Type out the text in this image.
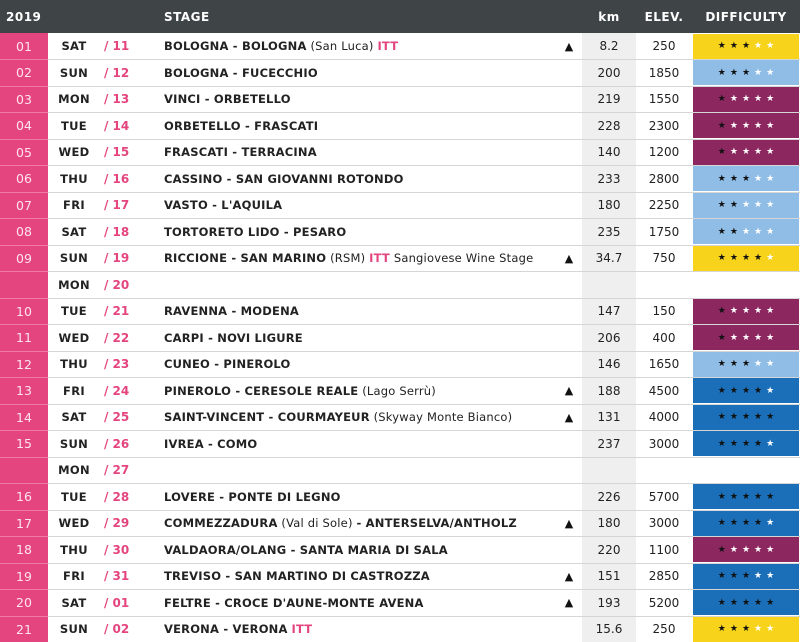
2019			STAGE		km	ELEV.	DIFFICULTY
01	SAT	/ 11	BOLOGNA - BOLOGNA (San Luca) ITT	▲	8.2	250	★ ★ ★ ★ ★

02	SUN	/ 12	BOLOGNA - FUCECCHIO		200	1850	★ ★ ★ ★ ★

03	MON	/ 13	VINCI - ORBETELLO		219	1550	★ ★ ★ ★ ★

04	TUE	/ 14	ORBETELLO - FRASCATI		228	2300	★ ★ ★ ★ ★

05	WED	/ 15	FRASCATI - TERRACINA		140	1200	★ ★ ★ ★ ★

06	THU	/ 16	CASSINO - SAN GIOVANNI ROTONDO		233	2800	★ ★ ★ ★ ★

07	FRI	/ 17	VASTO - L'AQUILA		180	2250	★ ★ ★ ★ ★

08	SAT	/ 18	TORTORETO LIDO - PESARO		235	1750	★ ★ ★ ★ ★

09	SUN	/ 19	RICCIONE - SAN MARINO (RSM) ITT Sangiovese Wine Stage	▲	34.7	750	★ ★ ★ ★ ★

	MON	/ 20					
10	TUE	/ 21	RAVENNA - MODENA		147	150	★ ★ ★ ★ ★

11	WED	/ 22	CARPI - NOVI LIGURE		206	400	★ ★ ★ ★ ★

12	THU	/ 23	CUNEO - PINEROLO		146	1650	★ ★ ★ ★ ★

13	FRI	/ 24	PINEROLO - CERESOLE REALE (Lago Serrù)	▲	188	4500	★ ★ ★ ★ ★

14	SAT	/ 25	SAINT-VINCENT - COURMAYEUR (Skyway Monte Bianco)	▲	131	4000	★ ★ ★ ★ ★

15	SUN	/ 26	IVREA - COMO		237	3000	★ ★ ★ ★ ★

	MON	/ 27					
16	TUE	/ 28	LOVERE - PONTE DI LEGNO		226	5700	★ ★ ★ ★ ★

17	WED	/ 29	COMMEZZADURA (Val di Sole) - ANTERSELVA/ANTHOLZ	▲	180	3000	★ ★ ★ ★ ★

18	THU	/ 30	VALDAORA/OLANG - SANTA MARIA DI SALA		220	1100	★ ★ ★ ★ ★

19	FRI	/ 31	TREVISO - SAN MARTINO DI CASTROZZA	▲	151	2850	★ ★ ★ ★ ★

20	SAT	/ 01	FELTRE - CROCE D'AUNE-MONTE AVENA	▲	193	5200	★ ★ ★ ★ ★

21	SUN	/ 02	VERONA - VERONA ITT		15.6	250	★ ★ ★ ★ ★
